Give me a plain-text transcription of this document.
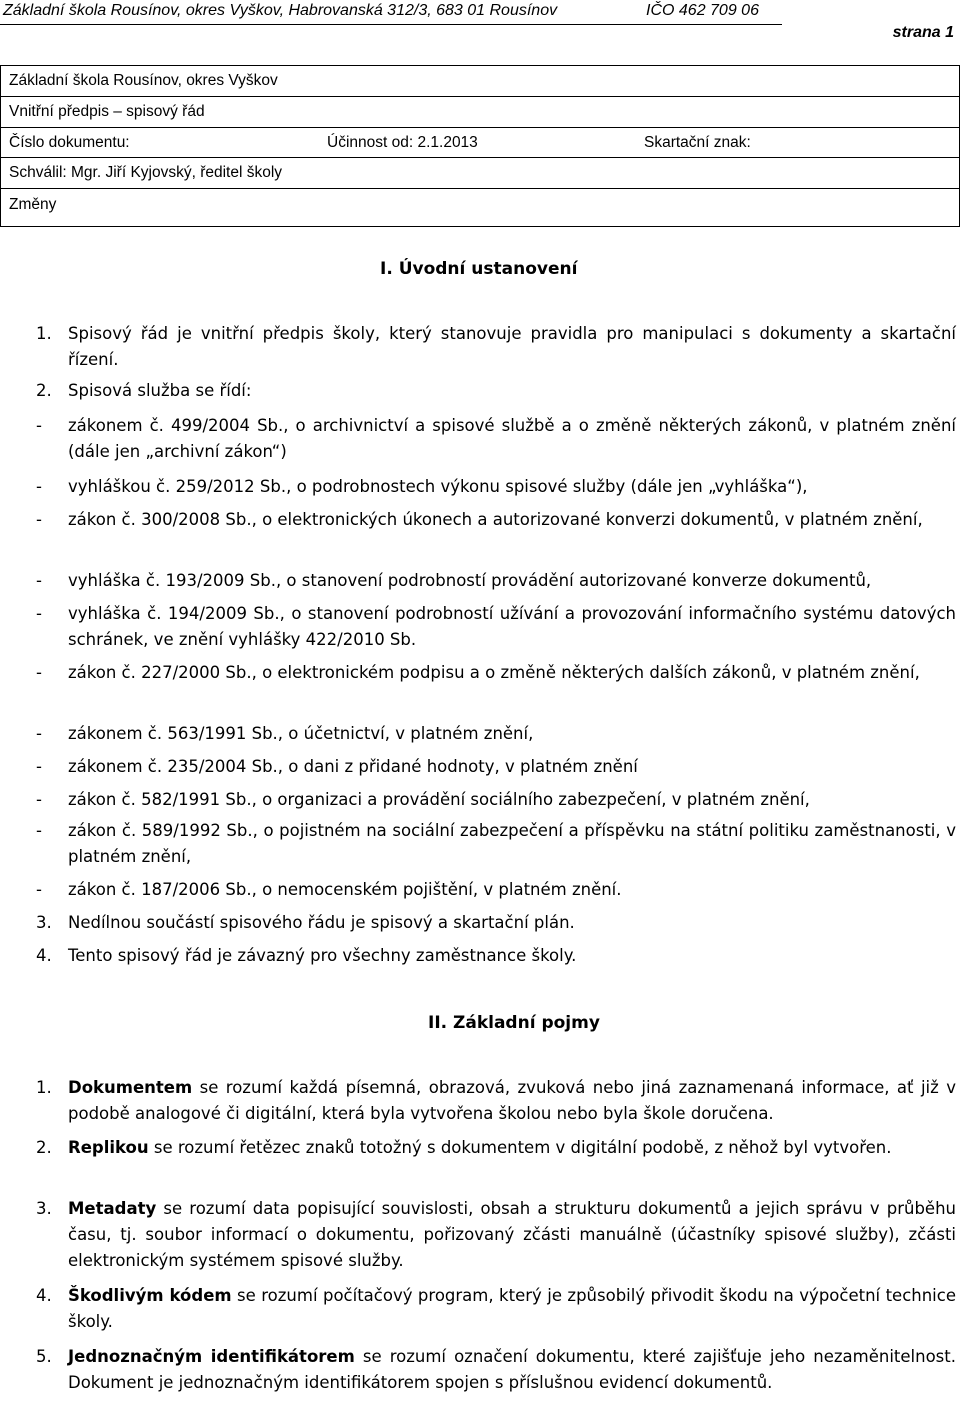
Základní škola Rousínov, okres Vyškov, Habrovanská 312/3, 683 01 Rousínov	IČO 462 709 06
strana 1
Základní škola Rousínov, okres Vyškov
Vnitřní předpis – spisový řád
Číslo dokumentu:	Účinnost od: 2.1.2013	Skartační znak:
Schválil: Mgr. Jiří Kyjovský, ředitel školy
Změny
I. Úvodní ustanovení
1. Spisový řád je vnitřní předpis školy, který stanovuje pravidla pro manipulaci s dokumenty a skartační řízení.
2. Spisová služba se řídí:
- zákonem č. 499/2004 Sb., o archivnictví a spisové službě a o změně některých zákonů, v platném znění (dále jen „archivní zákon“)
- vyhláškou č. 259/2012 Sb., o podrobnostech výkonu spisové služby (dále jen „vyhláška“),
- zákon č. 300/2008 Sb., o elektronických úkonech a autorizované konverzi dokumentů, v platném znění,
- vyhláška č. 193/2009 Sb., o stanovení podrobností provádění autorizované konverze dokumentů,
- vyhláška č. 194/2009 Sb., o stanovení podrobností užívání a provozování informačního systému datových schránek, ve znění vyhlášky 422/2010 Sb.
- zákon č. 227/2000 Sb., o elektronickém podpisu a o změně některých dalších zákonů, v platném znění,
- zákonem č. 563/1991 Sb., o účetnictví, v platném znění,
- zákonem č. 235/2004 Sb., o dani z přidané hodnoty, v platném znění
- zákon č. 582/1991 Sb., o organizaci a provádění sociálního zabezpečení, v platném znění,
- zákon č. 589/1992 Sb., o pojistném na sociální zabezpečení a příspěvku na státní politiku zaměstnanosti, v platném znění,
- zákon č. 187/2006 Sb., o nemocenském pojištění, v platném znění.
3. Nedílnou součástí spisového řádu je spisový a skartační plán.
4. Tento spisový řád je závazný pro všechny zaměstnance školy.
II. Základní pojmy
1. Dokumentem se rozumí každá písemná, obrazová, zvuková nebo jiná zaznamenaná informace, ať již v podobě analogové či digitální, která byla vytvořena školou nebo byla škole doručena.
2. Replikou se rozumí řetězec znaků totožný s dokumentem v digitální podobě, z něhož byl vytvořen.
3. Metadaty se rozumí data popisující souvislosti, obsah a strukturu dokumentů a jejich správu v průběhu času, tj. soubor informací o dokumentu, pořizovaný zčásti manuálně (účastníky spisové služby), zčásti elektronickým systémem spisové služby.
4. Škodlivým kódem se rozumí počítačový program, který je způsobilý přivodit škodu na výpočetní technice školy.
5. Jednoznačným identifikátorem se rozumí označení dokumentu, které zajišťuje jeho nezaměnitelnost. Dokument je jednoznačným identifikátorem spojen s příslušnou evidencí dokumentů.
